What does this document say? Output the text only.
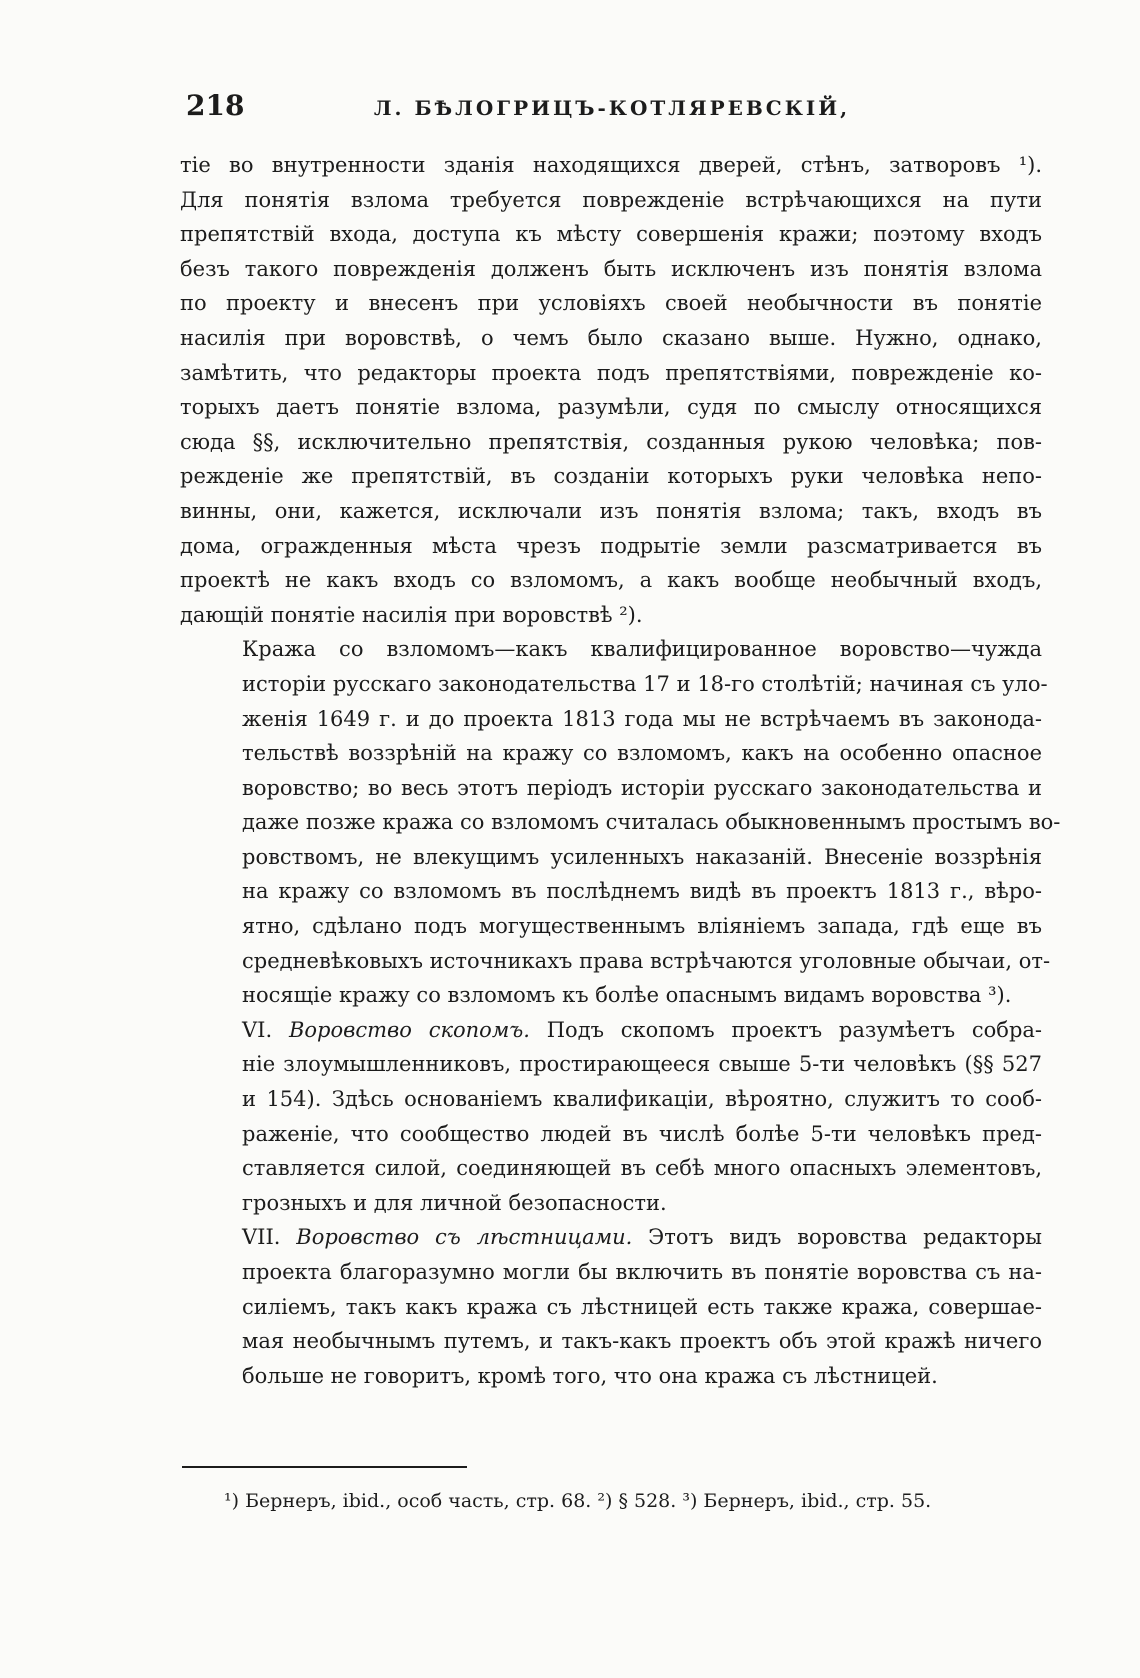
218	Л. БѢЛОГРИЦЪ-КОТЛЯРЕВСКІЙ,

тіе во внутренности зданія находящихся дверей, стѣнъ, затворовъ ¹).
Для понятія взлома требуется поврежденіе встрѣчающихся на пути
препятствій входа, доступа къ мѣсту совершенія кражи; поэтому входъ
безъ такого поврежденія долженъ быть исключенъ изъ понятія взлома
по проекту и внесенъ при условіяхъ своей необычности въ понятіе
насилія при воровствѣ, о чемъ было сказано выше. Нужно, однако,
замѣтить, что редакторы проекта подъ препятствіями, поврежденіе ко-
торыхъ даетъ понятіе взлома, разумѣли, судя по смыслу относящихся
сюда §§, исключительно препятствія, созданныя рукою человѣка; пов-
режденіе же препятствій, въ созданіи которыхъ руки человѣка непо-
винны, они, кажется, исключали изъ понятія взлома; такъ, входъ въ
дома, огражденныя мѣста чрезъ подрытіе земли разсматривается въ
проектѣ не какъ входъ со взломомъ, а какъ вообще необычный входъ,
дающій понятіе насилія при воровствѣ ²).

Кража со взломомъ—какъ квалифицированное воровство—чужда
исторіи русскаго законодательства 17 и 18-го столѣтій; начиная съ уло-
женія 1649 г. и до проекта 1813 года мы не встрѣчаемъ въ законода-
тельствѣ воззрѣній на кражу со взломомъ, какъ на особенно опасное
воровство; во весь этотъ періодъ исторіи русскаго законодательства и
даже позже кража со взломомъ считалась обыкновеннымъ простымъ во-
ровствомъ, не влекущимъ усиленныхъ наказаній. Внесеніе воззрѣнія
на кражу со взломомъ въ послѣднемъ видѣ въ проектъ 1813 г., вѣро-
ятно, сдѣлано подъ могущественнымъ вліяніемъ запада, гдѣ еще въ
средневѣковыхъ источникахъ права встрѣчаются уголовные обычаи, от-
носящіе кражу со взломомъ къ болѣе опаснымъ видамъ воровства ³).

VI. Воровство скопомъ. Подъ скопомъ проектъ разумѣетъ собра-
ніе злоумышленниковъ, простирающееся свыше 5-ти человѣкъ (§§ 527
и 154). Здѣсь основаніемъ квалификаціи, вѣроятно, служитъ то сооб-
раженіе, что сообщество людей въ числѣ болѣе 5-ти человѣкъ пред-
ставляется силой, соединяющей въ себѣ много опасныхъ элементовъ,
грозныхъ и для личной безопасности.

VII. Воровство съ лѣстницами. Этотъ видъ воровства редакторы
проекта благоразумно могли бы включить въ понятіе воровства съ на-
силіемъ, такъ какъ кража съ лѣстницей есть также кража, совершае-
мая необычнымъ путемъ, и такъ-какъ проектъ объ этой кражѣ ничего
больше не говоритъ, кромѣ того, что она кража съ лѣстницей.

¹) Бернеръ, ibid., особ часть, стр. 68. ²) § 528. ³) Бернеръ, ibid., стр. 55.
